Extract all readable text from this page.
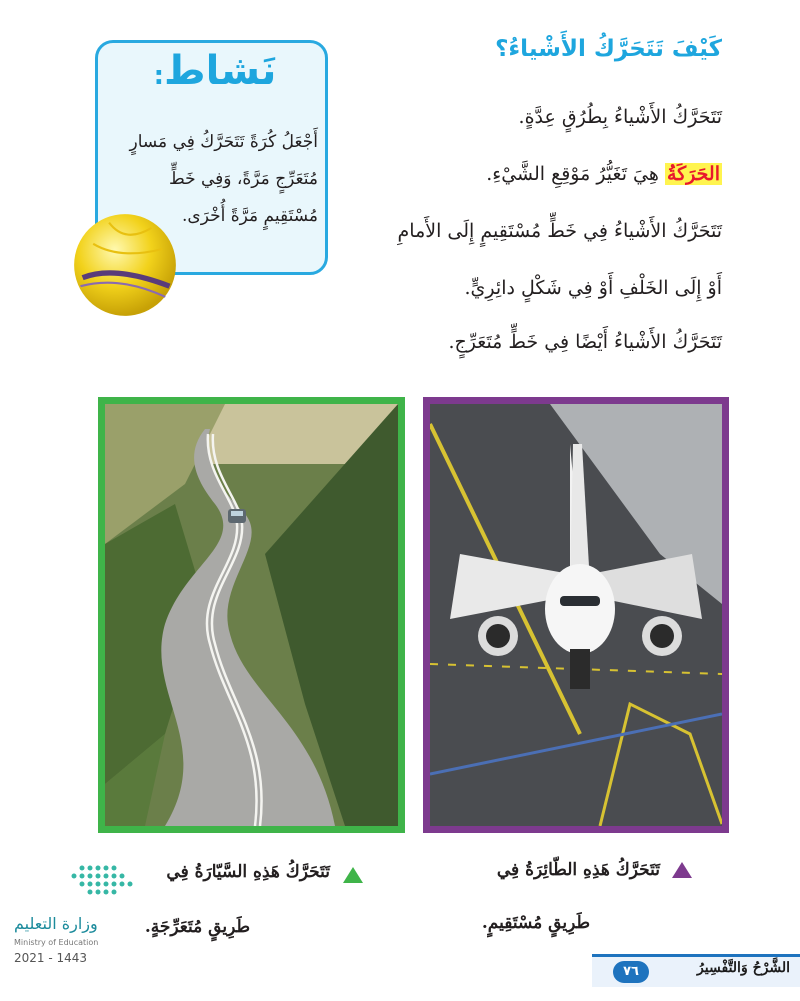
نَشاط:
أَجْعَلُ كُرَةً تَتَحَرَّكُ فِي مَسارٍ
مُتَعَرِّجٍ مَرَّةً، وَفِي خَطٍّ
مُسْتَقِيمٍ مَرَّةً أُخْرَى.
كَيْفَ تَتَحَرَّكُ الأَشْياءُ؟
تَتَحَرَّكُ الأَشْياءُ بِطُرُقٍ عِدَّةٍ.
الحَرَكَةُ هِيَ تَغَيُّرُ مَوْقِعِ الشَّيْءِ.
تَتَحَرَّكُ الأَشْياءُ فِي خَطٍّ مُسْتَقِيمٍ إِلَى الأَمامِ
أَوْ إِلَى الخَلْفِ أَوْ فِي شَكْلٍ دائِرِيٍّ.
تَتَحَرَّكُ الأَشْياءُ أَيْضًا فِي خَطٍّ مُتَعَرِّجٍ.
تَتَحَرَّكُ هَذِهِ السَّيّارَةُ فِي
طَرِيقٍ مُتَعَرِّجَةٍ.
تَتَحَرَّكُ هَذِهِ الطّائِرَةُ فِي
طَرِيقٍ مُسْتَقِيمٍ.
وزارة التعليم
Ministry of Education
2021 - 1443
الشَّرْحُ وَالتَّفْسِيرُ
٧٦
